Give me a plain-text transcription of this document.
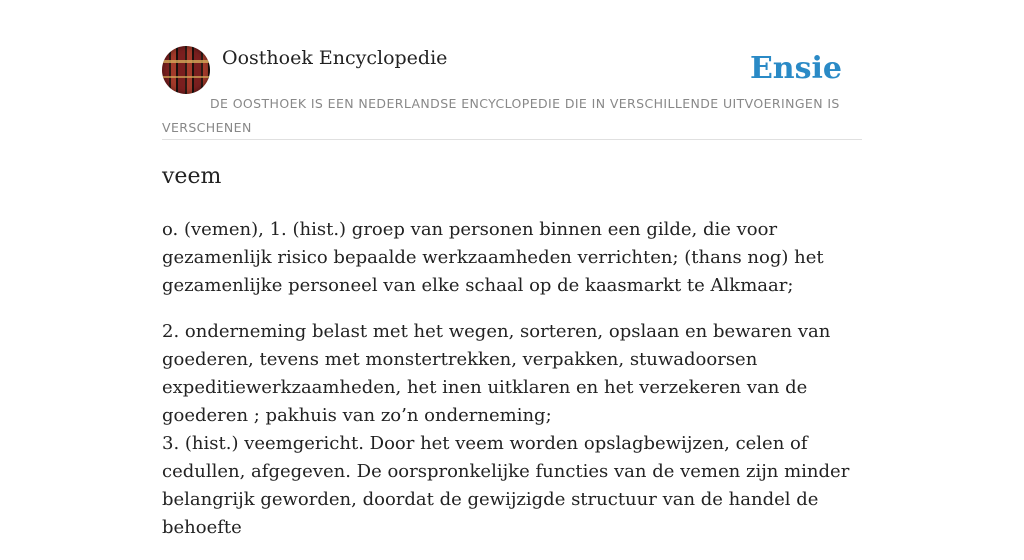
Oosthoek Encyclopedie	Ensie
DE OOSTHOEK IS EEN NEDERLANDSE ENCYCLOPEDIE DIE IN VERSCHILLENDE UITVOERINGEN IS VERSCHENEN
veem

o. (vemen), 1. (hist.) groep van personen binnen een gilde, die voor gezamenlijk risico bepaalde werkzaamheden verrichten; (thans nog) het gezamenlijke personeel van elke schaal op de kaasmarkt te Alkmaar;

2. onderneming belast met het wegen, sorteren, opslaan en bewaren van goederen, tevens met monstertrekken, verpakken, stuwadoorsen expeditiewerkzaamheden, het inen uitklaren en het verzekeren van de goederen ; pakhuis van zo’n onderneming;

3. (hist.) veemgericht. Door het veem worden opslagbewijzen, celen of cedullen, afgegeven. De oorspronkelijke functies van de vemen zijn minder belangrijk geworden, doordat de gewijzigde structuur van de handel de behoefte
